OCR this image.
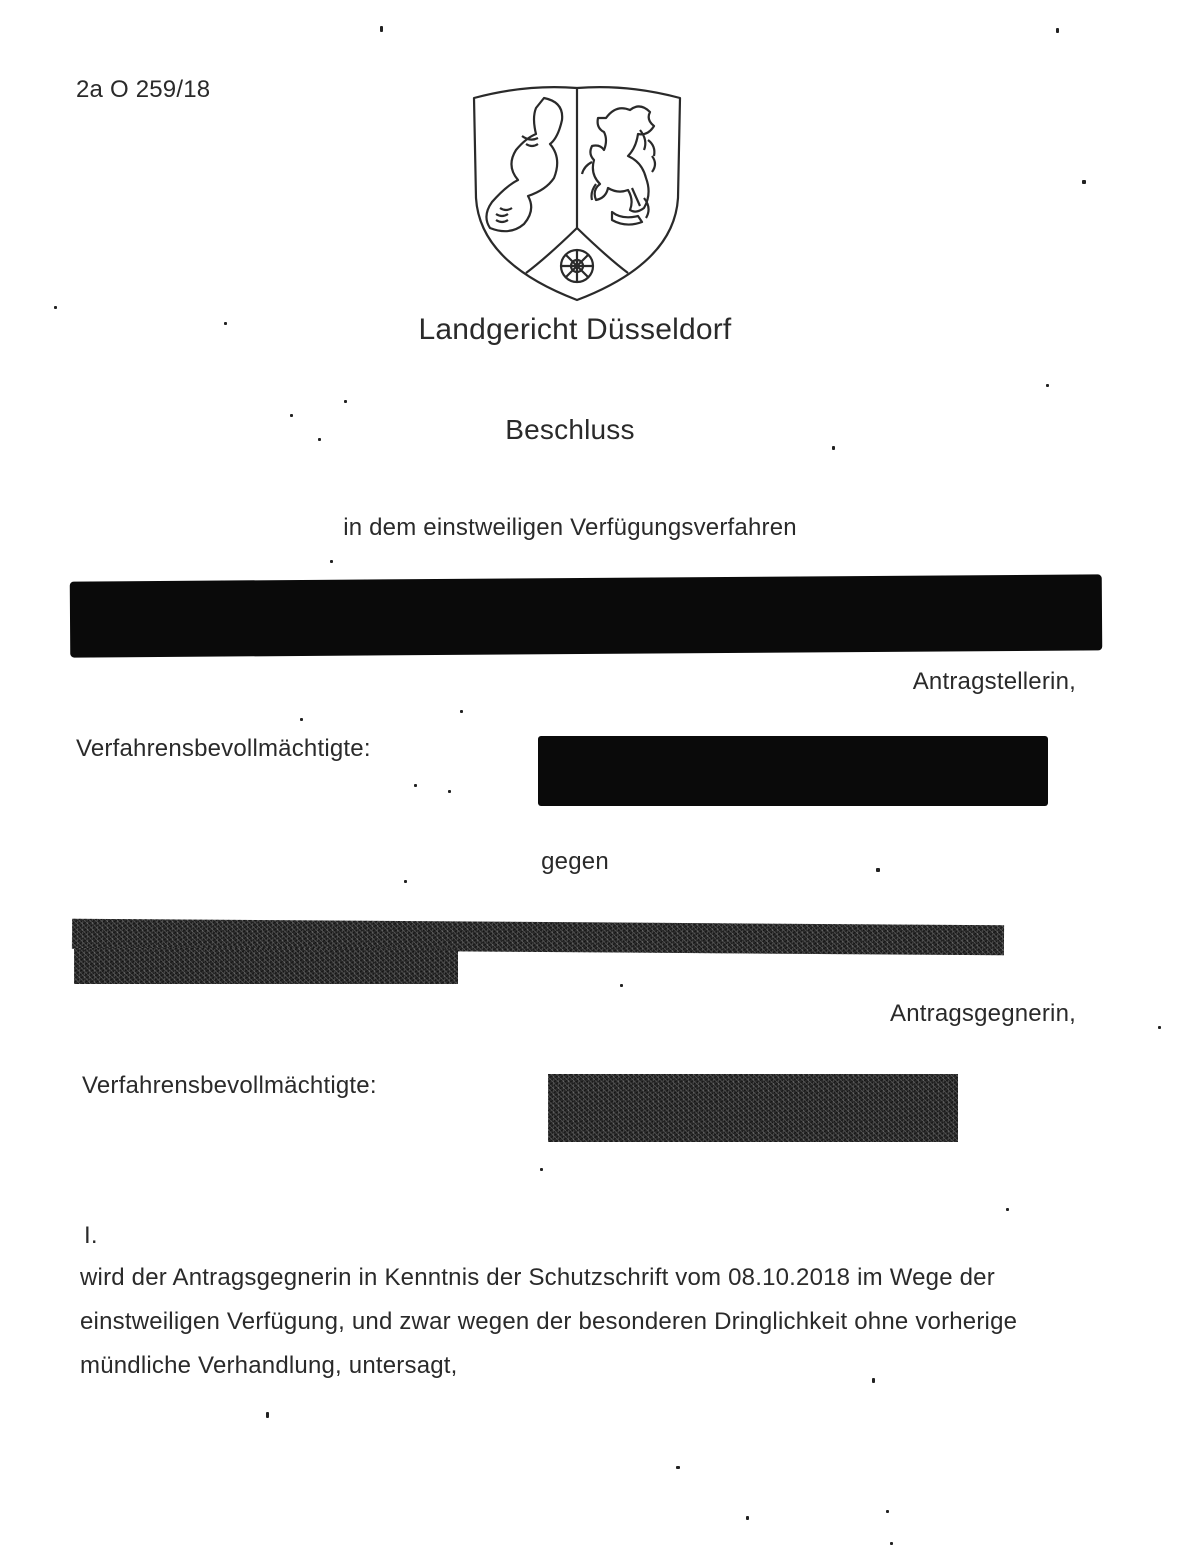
2a O 259/18
Landgericht Düsseldorf
Beschluss
in dem einstweiligen Verfügungsverfahren
Antragstellerin,
Verfahrensbevollmächtigte:
gegen
Antragsgegnerin,
Verfahrensbevollmächtigte:
I.
wird der Antragsgegnerin in Kenntnis der Schutzschrift vom 08.10.2018 im Wege der
einstweiligen Verfügung, und zwar wegen der besonderen Dringlichkeit ohne vorherige
mündliche Verhandlung, untersagt,
